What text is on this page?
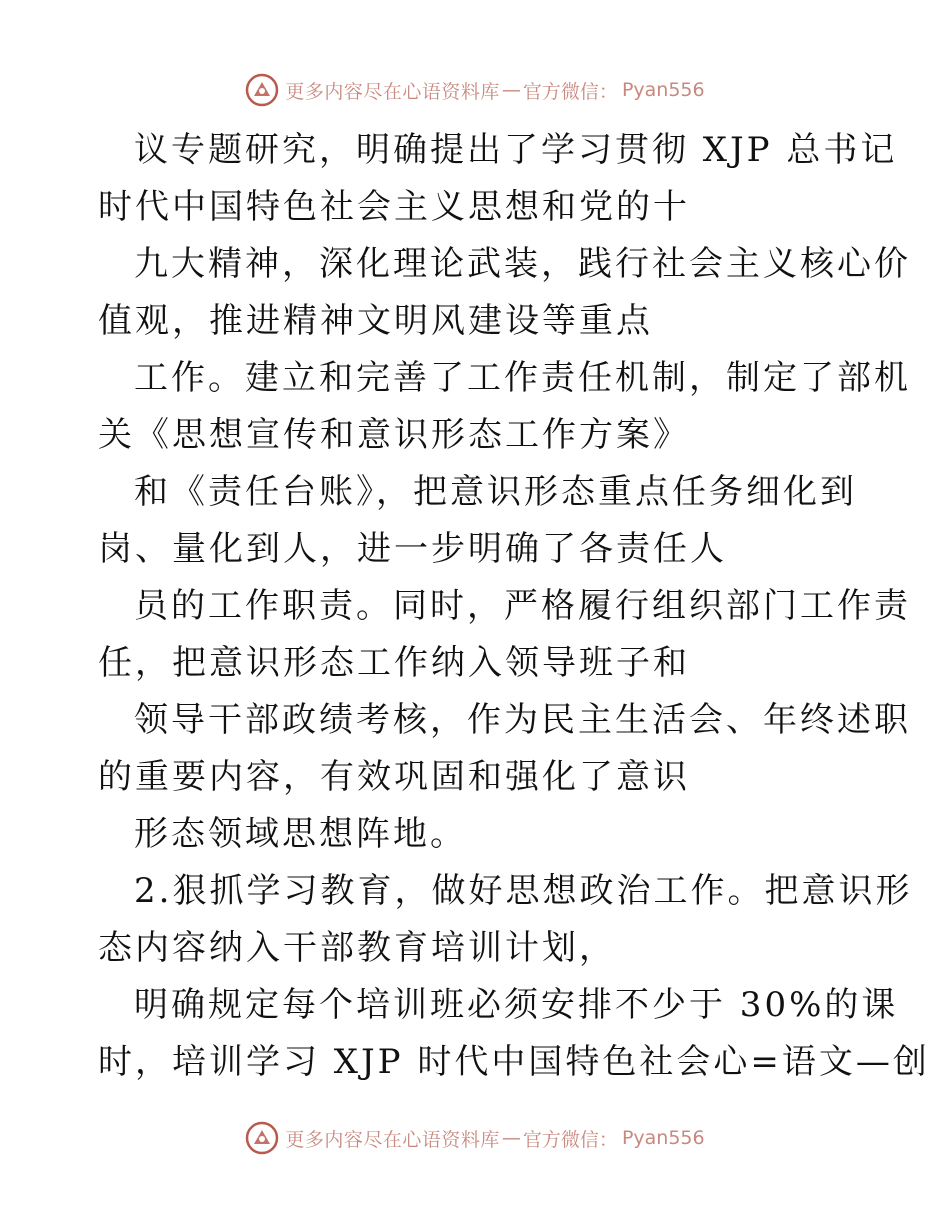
更多内容尽在心语资料库 — 官方微信： Pyan556
议专题研究，明确提出了学习贯彻 XJP 总书记
时代中国特色社会主义思想和党的十
九大精神，深化理论武装，践行社会主义核心价
值观，推进精神文明风建设等重点
工作。建立和完善了工作责任机制，制定了部机
关《思想宣传和意识形态工作方案》
和《责任台账》，把意识形态重点任务细化到
岗、量化到人，进一步明确了各责任人
员的工作职责。同时，严格履行组织部门工作责
任，把意识形态工作纳入领导班子和
领导干部政绩考核，作为民主生活会、年终述职
的重要内容，有效巩固和强化了意识
形态领域思想阵地。
2.狠抓学习教育，做好思想政治工作。把意识形
态内容纳入干部教育培训计划，
明确规定每个培训班必须安排不少于 30%的课
时，培训学习 XJP 时代中国特色社会心=语文—创
更多内容尽在心语资料库 — 官方微信： Pyan556
